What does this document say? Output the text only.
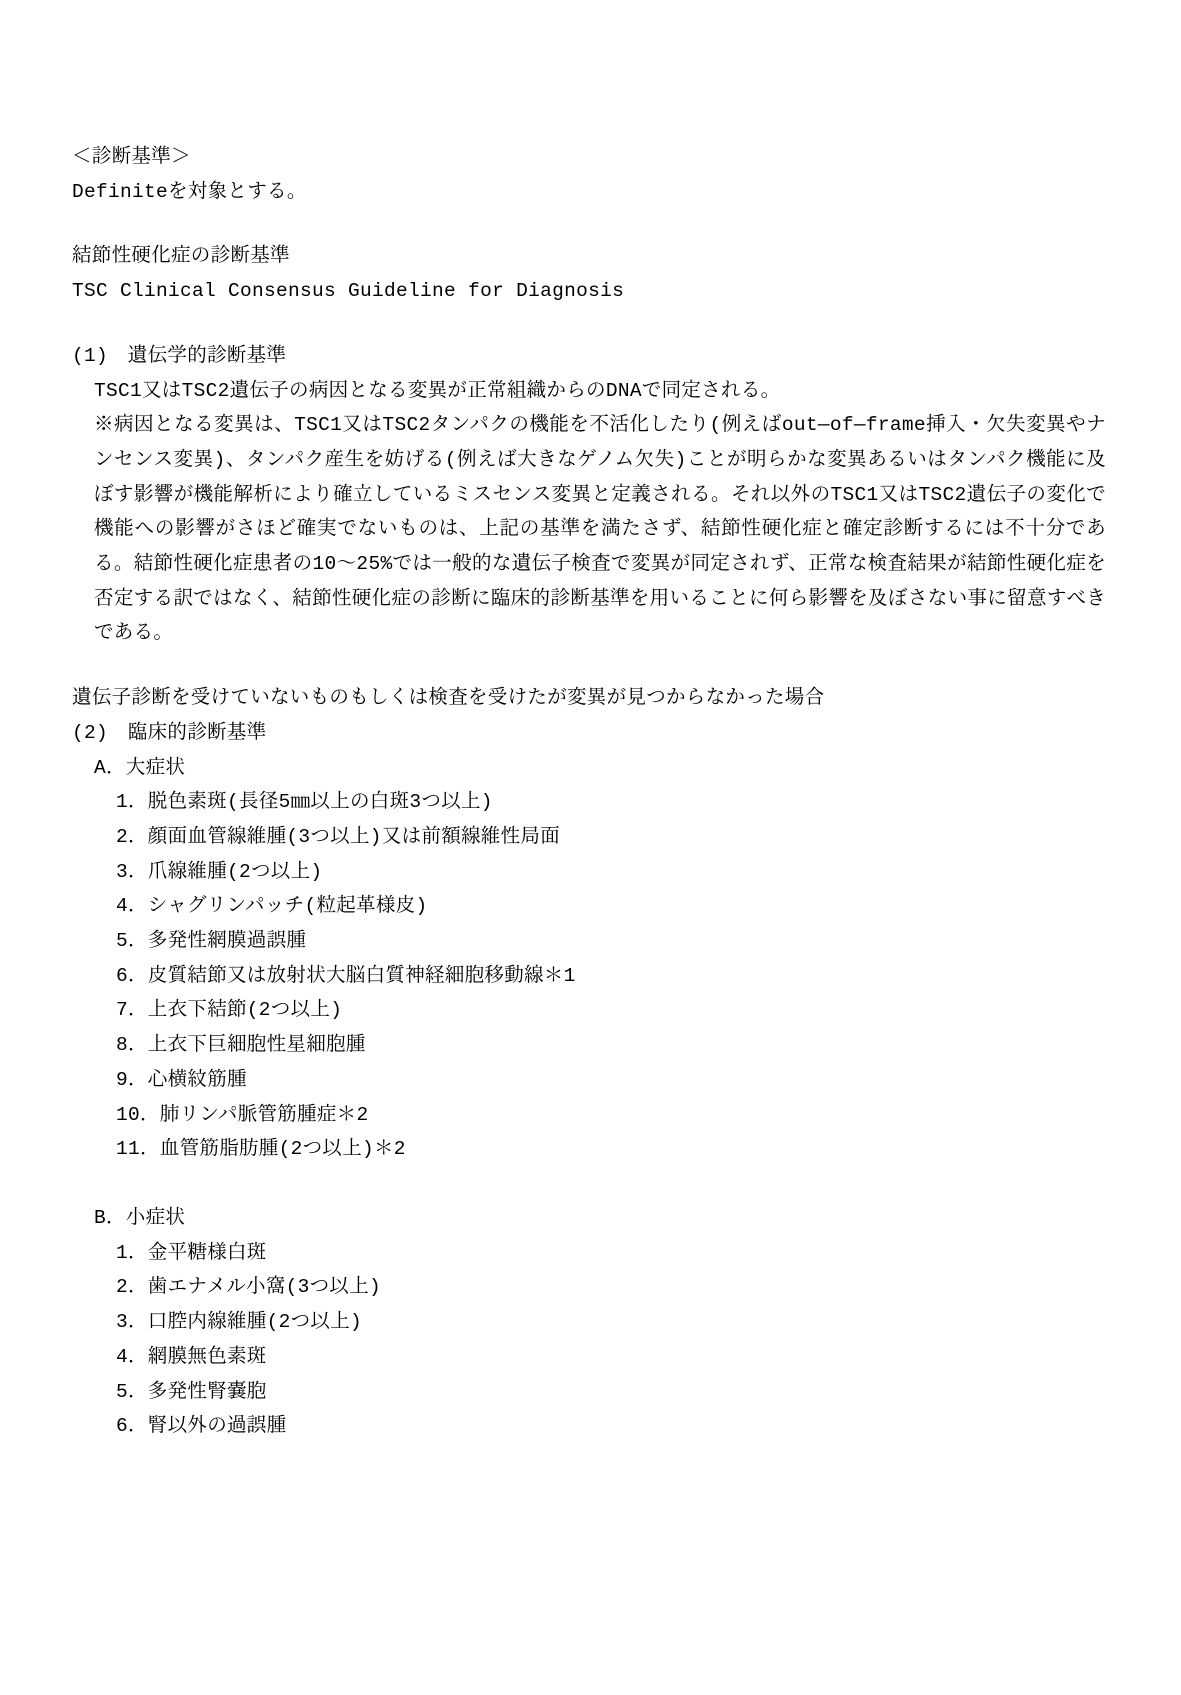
＜診断基準＞
Definiteを対象とする。
結節性硬化症の診断基準
TSC Clinical Consensus Guideline for Diagnosis
(1)　遺伝学的診断基準
TSC1又はTSC2遺伝子の病因となる変異が正常組織からのDNAで同定される。
※病因となる変異は、TSC1又はTSC2タンパクの機能を不活化したり(例えばout—of—frame挿入・欠失変異やナンセンス変異)、タンパク産生を妨げる(例えば大きなゲノム欠失)ことが明らかな変異あるいはタンパク機能に及ぼす影響が機能解析により確立しているミスセンス変異と定義される。それ以外のTSC1又はTSC2遺伝子の変化で機能への影響がさほど確実でないものは、上記の基準を満たさず、結節性硬化症と確定診断するには不十分である。結節性硬化症患者の10〜25%では一般的な遺伝子検査で変異が同定されず、正常な検査結果が結節性硬化症を否定する訳ではなく、結節性硬化症の診断に臨床的診断基準を用いることに何ら影響を及ぼさない事に留意すべきである。
遺伝子診断を受けていないものもしくは検査を受けたが変異が見つからなかった場合
(2)　臨床的診断基準
A．大症状
1．脱色素斑(長径5㎜以上の白斑3つ以上)
2．顔面血管線維腫(3つ以上)又は前額線維性局面
3．爪線維腫(2つ以上)
4．シャグリンパッチ(粒起革様皮)
5．多発性網膜過誤腫
6．皮質結節又は放射状大脳白質神経細胞移動線＊1
7．上衣下結節(2つ以上)
8．上衣下巨細胞性星細胞腫
9．心横紋筋腫
10．肺リンパ脈管筋腫症＊2
11．血管筋脂肪腫(2つ以上)＊2
B．小症状
1．金平糖様白斑
2．歯エナメル小窩(3つ以上)
3．口腔内線維腫(2つ以上)
4．網膜無色素斑
5．多発性腎嚢胞
6．腎以外の過誤腫
